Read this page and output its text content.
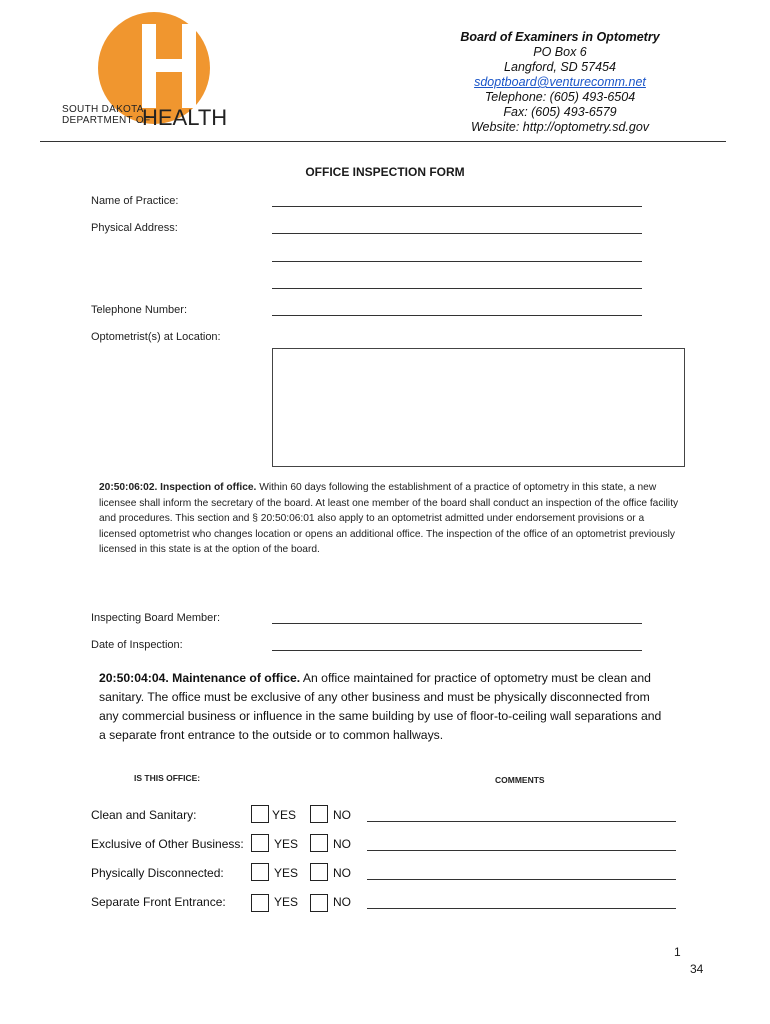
SOUTH DAKOTA
DEPARTMENT OF
HEALTH
Board of Examiners in Optometry
PO Box 6
Langford, SD 57454
sdoptboard@venturecomm.net
Telephone: (605) 493-6504
Fax: (605) 493-6579
Website: http://optometry.sd.gov
OFFICE INSPECTION FORM
Name of Practice:
Physical Address:
Telephone Number:
Optometrist(s) at Location:
20:50:06:02. Inspection of office. Within 60 days following the establishment of a practice of optometry in this state, a new licensee shall inform the secretary of the board. At least one member of the board shall conduct an inspection of the office facility and procedures. This section and § 20:50:06:01 also apply to an optometrist admitted under endorsement provisions or a licensed optometrist who changes location or opens an additional office. The inspection of the office of an optometrist previously licensed in this state is at the option of the board.
Inspecting Board Member:
Date of Inspection:
20:50:04:04. Maintenance of office. An office maintained for practice of optometry must be clean and sanitary. The office must be exclusive of any other business and must be physically disconnected from any commercial business or influence in the same building by use of floor-to-ceiling wall separations and a separate front entrance to the outside or to common hallways.
IS THIS OFFICE:	COMMENTS
Clean and Sanitary:	YES	NO
Exclusive of Other Business:	YES	NO
Physically Disconnected:	YES	NO
Separate Front Entrance:	YES	NO
1
34
